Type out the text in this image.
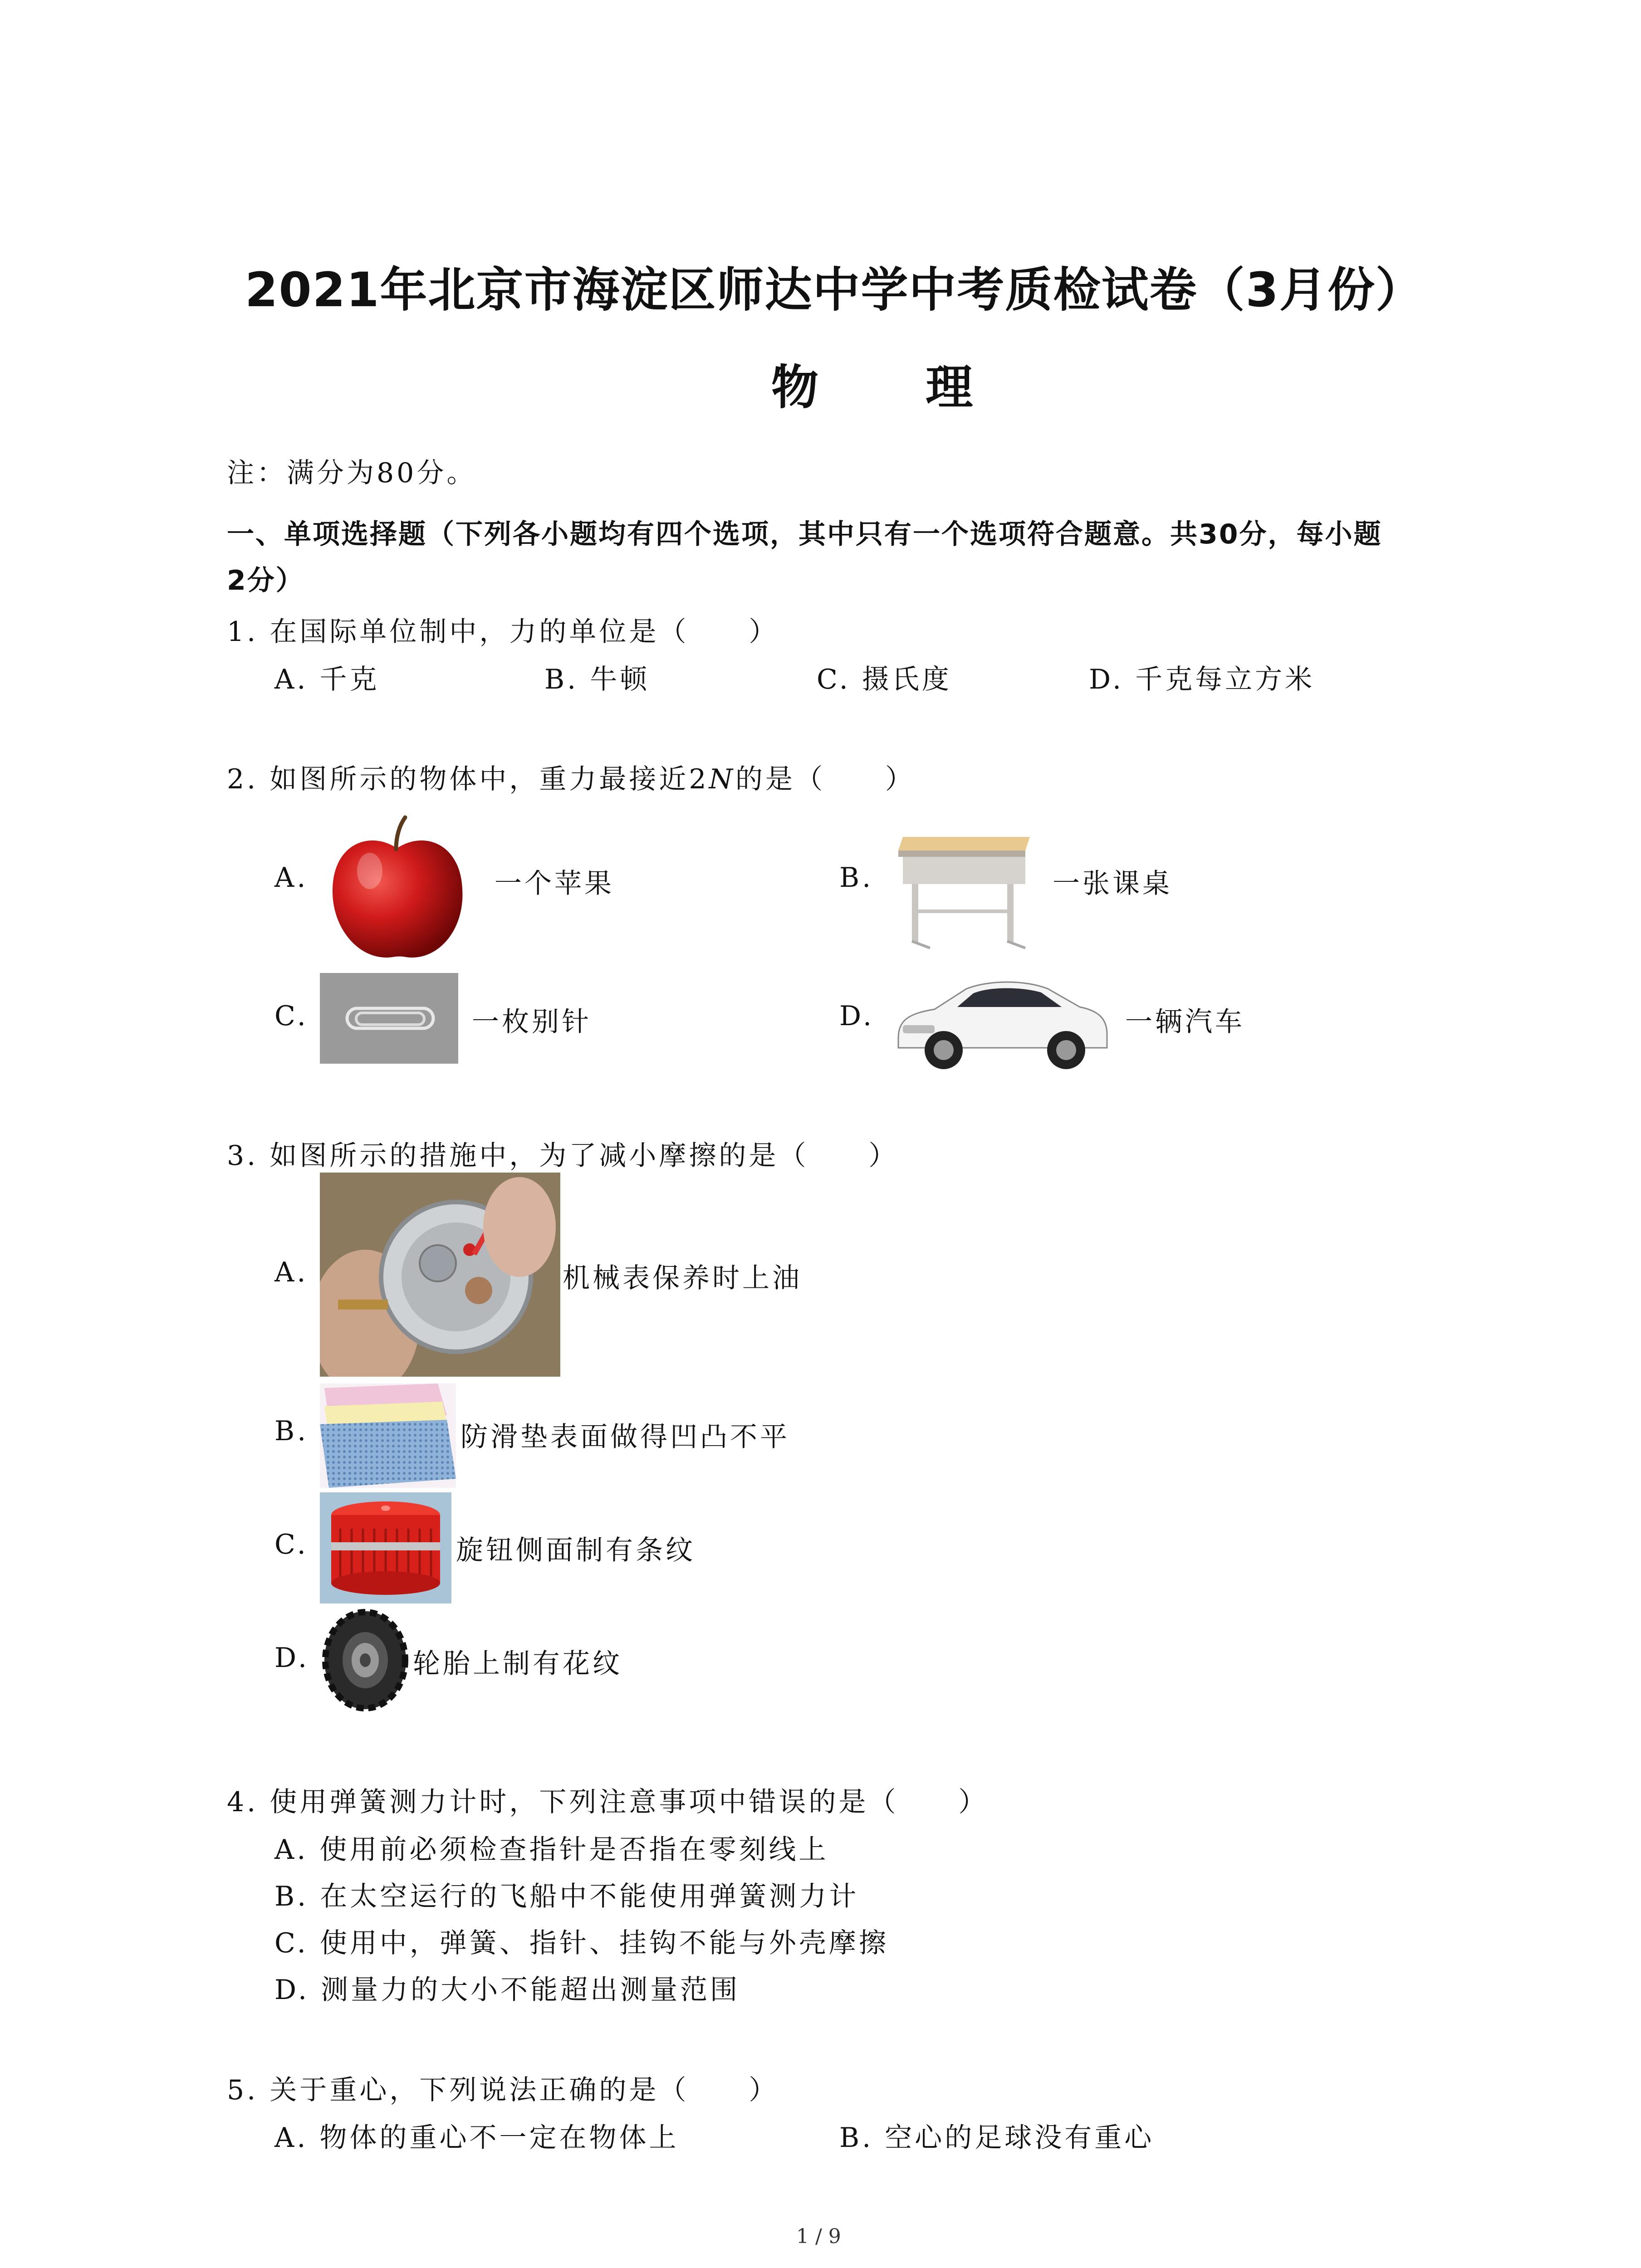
2021年北京市海淀区师达中学中考质检试卷（3月份）
物 理
注：满分为80分。
一、单项选择题（下列各小题均有四个选项，其中只有一个选项符合题意。共30分，每小题
2分）
1. 在国际单位制中，力的单位是（　　）
A. 千克	B. 牛顿	C. 摄氏度	D. 千克每立方米
2. 如图所示的物体中，重力最接近2N的是（　　）
A.	一个苹果	B.	一张课桌
C.	一枚别针	D.	一辆汽车
3. 如图所示的措施中，为了减小摩擦的是（　　）
A.	机械表保养时上油
B.	防滑垫表面做得凹凸不平
C.	旋钮侧面制有条纹
D.	轮胎上制有花纹
4. 使用弹簧测力计时，下列注意事项中错误的是（　　）
A. 使用前必须检查指针是否指在零刻线上
B. 在太空运行的飞船中不能使用弹簧测力计
C. 使用中，弹簧、指针、挂钩不能与外壳摩擦
D. 测量力的大小不能超出测量范围
5. 关于重心，下列说法正确的是（　　）
A. 物体的重心不一定在物体上	B. 空心的足球没有重心
1 / 9
